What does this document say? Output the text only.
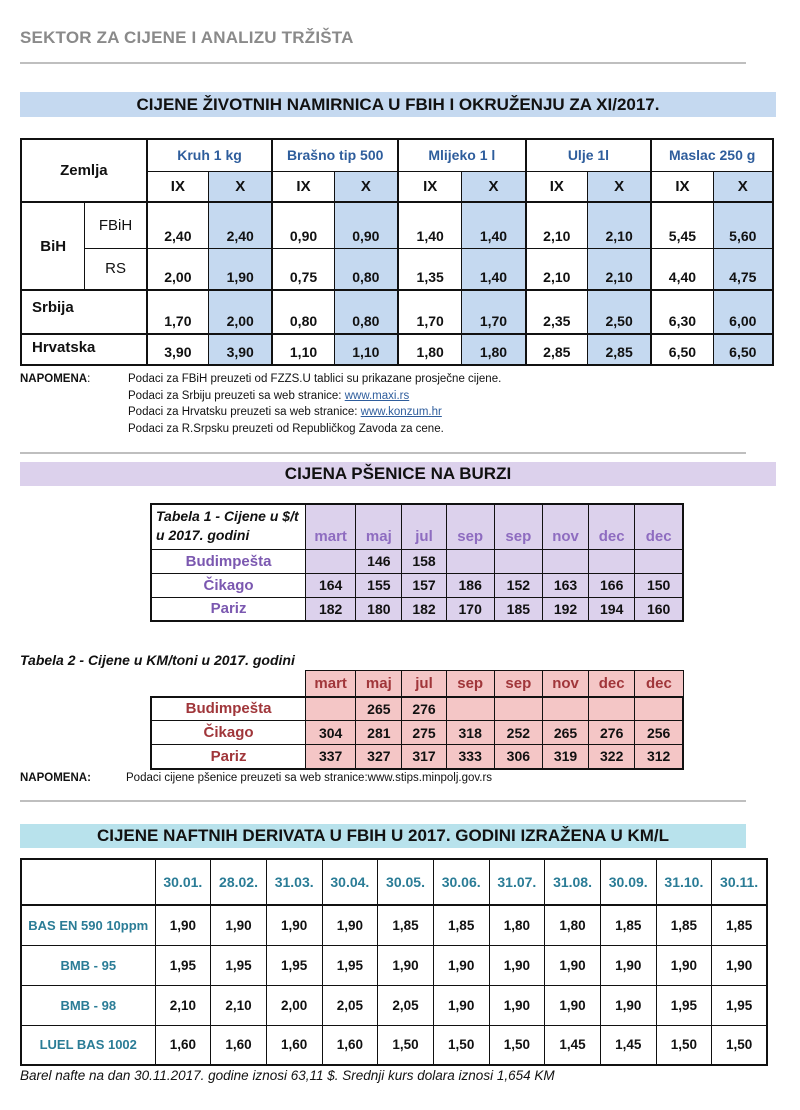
SEKTOR ZA CIJENE I ANALIZU TRŽIŠTA
CIJENE ŽIVOTNIH NAMIRNICA U FBIH I OKRUŽENJU ZA XI/2017.
Zemlja		Kruh 1 kg		Brašno tip 500		Mlijeko 1 l		Ulje 1l		Maslac 250 g	
		IX	X	IX	X	IX	X	IX	X	IX	X
BiH	FBiH	2,40	2,40	0,90	0,90	1,40	1,40	2,10	2,10	5,45	5,60
	RS	2,00	1,90	0,75	0,80	1,35	1,40	2,10	2,10	4,40	4,75
Srbija		1,70	2,00	0,80	0,80	1,70	1,70	2,35	2,50	6,30	6,00
Hrvatska		3,90	3,90	1,10	1,10	1,80	1,80	2,85	2,85	6,50	6,50
NAPOMENA:	Podaci za FBiH preuzeti od FZZS.U tablici su prikazane prosječne cijene.
Podaci za Srbiju preuzeti sa web stranice: www.maxi.rs
Podaci za Hrvatsku preuzeti sa web stranice: www.konzum.hr
Podaci za R.Srpsku preuzeti od Republičkog Zavoda za cene.
CIJENA PŠENICE NA BURZI
Tabela 1 - Cijene u $/t u 2017. godini	mart	maj	jul	sep	sep	nov	dec	dec
Budimpešta		146	158					
Čikago	164	155	157	186	152	163	166	150
Pariz	182	180	182	170	185	192	194	160
Tabela 2 - Cijene u KM/toni u 2017. godini
	mart	maj	jul	sep	sep	nov	dec	dec
Budimpešta		265	276					
Čikago	304	281	275	318	252	265	276	256
Pariz	337	327	317	333	306	319	322	312
NAPOMENA:	Podaci cijene pšenice preuzeti sa web stranice:www.stips.minpolj.gov.rs
CIJENE NAFTNIH DERIVATA U FBIH U 2017. GODINI IZRAŽENA U KM/L
	30.01.	28.02.	31.03.	30.04.	30.05.	30.06.	31.07.	31.08.	30.09.	31.10.	30.11.
BAS EN 590 10ppm	1,90	1,90	1,90	1,90	1,85	1,85	1,80	1,80	1,85	1,85	1,85
BMB - 95	1,95	1,95	1,95	1,95	1,90	1,90	1,90	1,90	1,90	1,90	1,90
BMB - 98	2,10	2,10	2,00	2,05	2,05	1,90	1,90	1,90	1,90	1,95	1,95
LUEL BAS 1002	1,60	1,60	1,60	1,60	1,50	1,50	1,50	1,45	1,45	1,50	1,50
Barel nafte na dan 30.11.2017. godine iznosi 63,11 $. Srednji kurs dolara iznosi 1,654 KM
